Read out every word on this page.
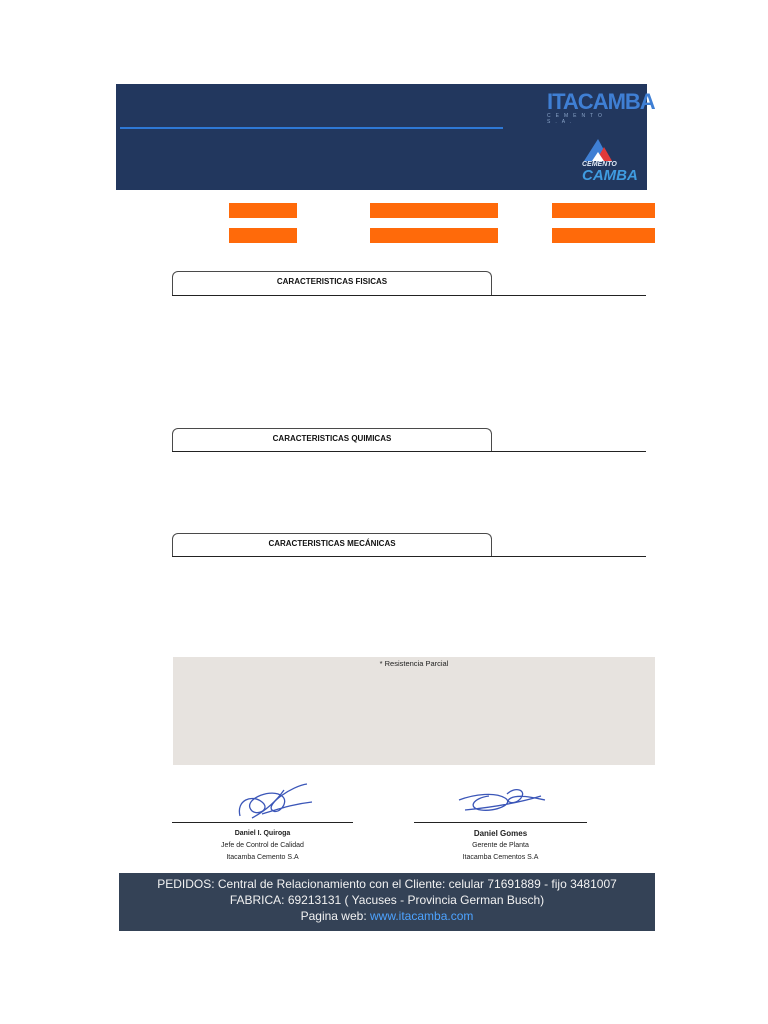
ITACAMBA
CEMENTO S.A.
CEMENTO
CAMBA
CARACTERISTICAS FISICAS
CARACTERISTICAS QUIMICAS
CARACTERISTICAS MECÁNICAS
* Resistencia Parcial
Daniel I. Quiroga
Jefe de Control de Calidad
Itacamba Cemento S.A
Daniel Gomes
Gerente de Planta
Itacamba Cementos S.A
PEDIDOS: Central de Relacionamiento con el Cliente: celular 71691889 - fijo 3481007
FABRICA: 69213131 ( Yacuses - Provincia German Busch)
Pagina web: www.itacamba.com
